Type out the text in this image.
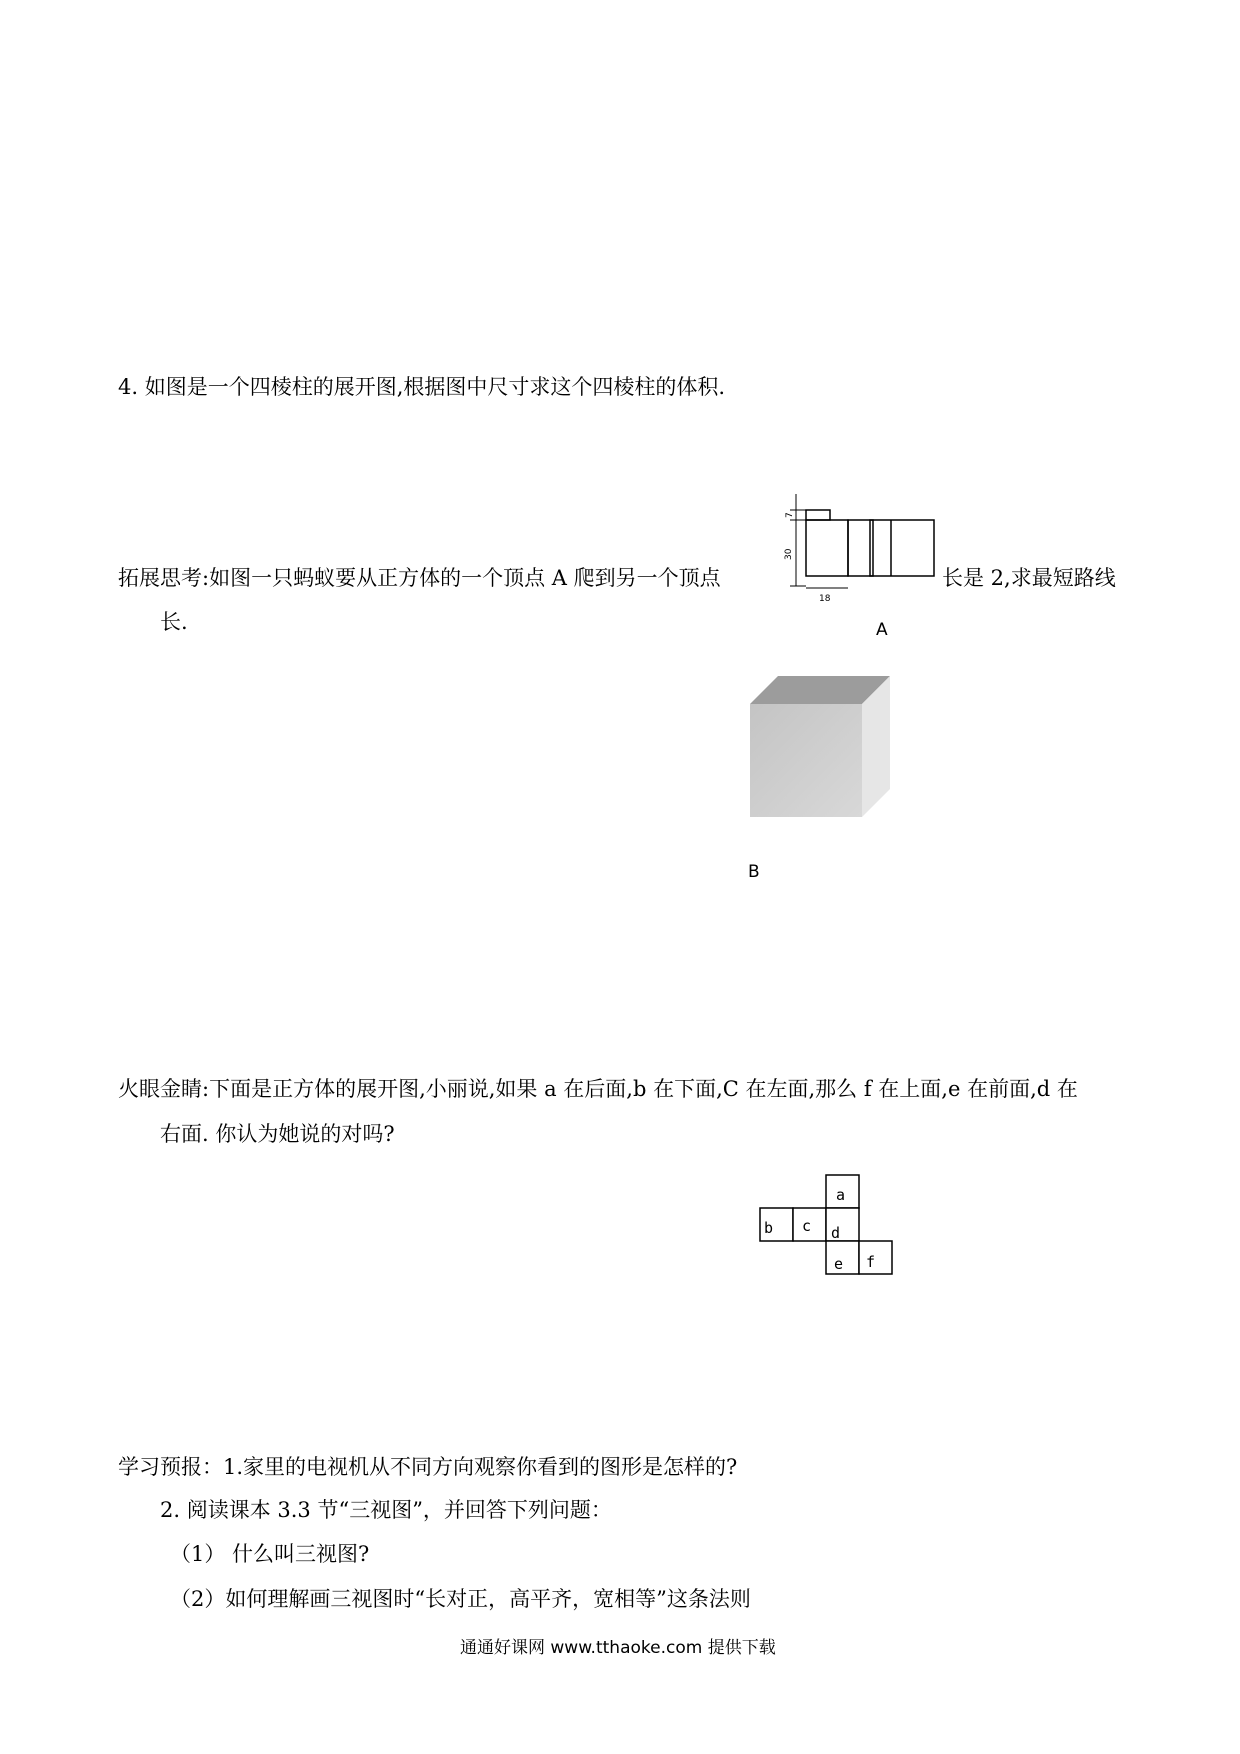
4. 如图是一个四棱柱的展开图,根据图中尺寸求这个四棱柱的体积.
7
30
18
拓展思考:如图一只蚂蚁要从正方体的一个顶点 A 爬到另一个顶点	长是 2,求最短路线
长.	A
B
火眼金睛:下面是正方体的展开图,小丽说,如果 a 在后面,b 在下面,C 在左面,那么 f 在上面,e 在前面,d 在
右面. 你认为她说的对吗?
a
b c d
e f
学习预报：1.家里的电视机从不同方向观察你看到的图形是怎样的?
2. 阅读课本 3.3 节“三视图”，并回答下列问题：
（1） 什么叫三视图?
（2）如何理解画三视图时“长对正，高平齐，宽相等”这条法则
通通好课网 www.tthaoke.com 提供下载
